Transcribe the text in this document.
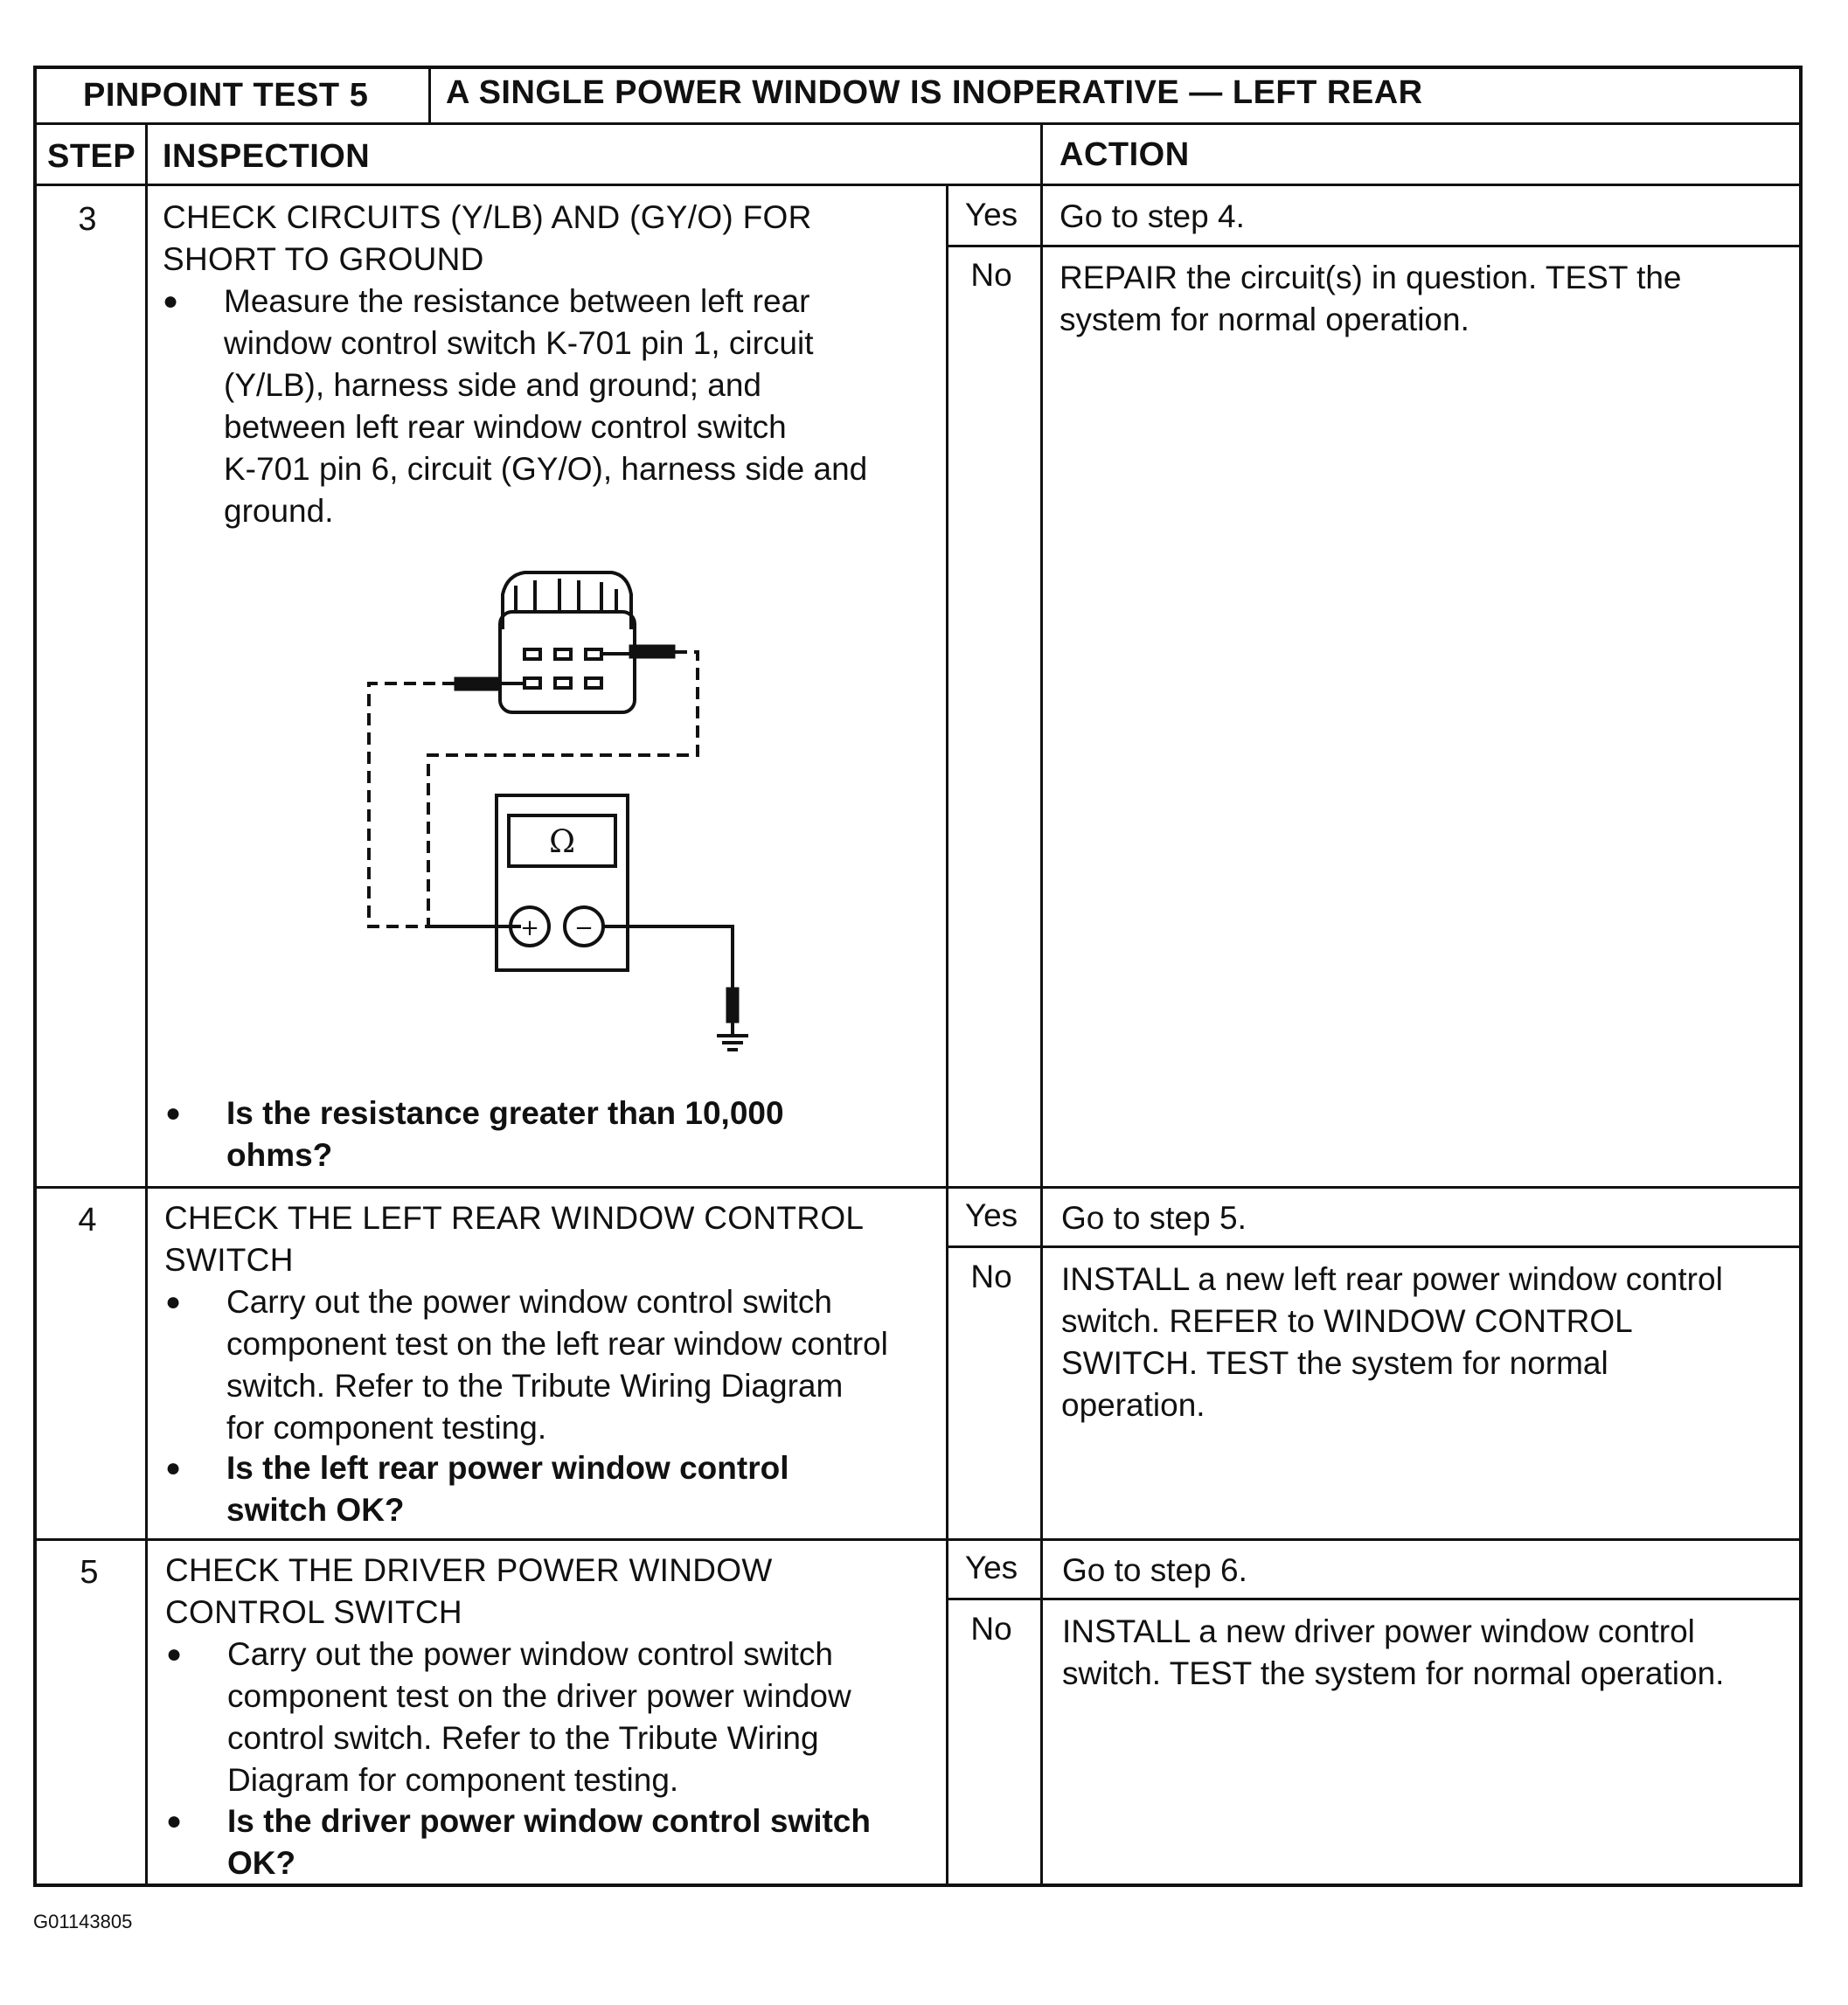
PINPOINT TEST 5 A SINGLE POWER WINDOW IS INOPERATIVE — LEFT REAR
STEP INSPECTION	ACTION
3	CHECK CIRCUITS (Y/LB) AND (GY/O) FOR
SHORT TO GROUND
● Measure the resistance between left rear
window control switch K-701 pin 1, circuit
(Y/LB), harness side and ground; and
between left rear window control switch
K-701 pin 6, circuit (GY/O), harness side and
ground.
Ω
+ −
● Is the resistance greater than 10,000
ohms?
Yes	Go to step 4.
No	REPAIR the circuit(s) in question. TEST the
system for normal operation.
4	CHECK THE LEFT REAR WINDOW CONTROL
SWITCH
● Carry out the power window control switch
component test on the left rear window control
switch. Refer to the Tribute Wiring Diagram
for component testing.
● Is the left rear power window control
switch OK?
Yes	Go to step 5.
No	INSTALL a new left rear power window control
switch. REFER to WINDOW CONTROL
SWITCH. TEST the system for normal
operation.
5	CHECK THE DRIVER POWER WINDOW
CONTROL SWITCH
● Carry out the power window control switch
component test on the driver power window
control switch. Refer to the Tribute Wiring
Diagram for component testing.
● Is the driver power window control switch
OK?
Yes	Go to step 6.
No	INSTALL a new driver power window control
switch. TEST the system for normal operation.
G01143805
